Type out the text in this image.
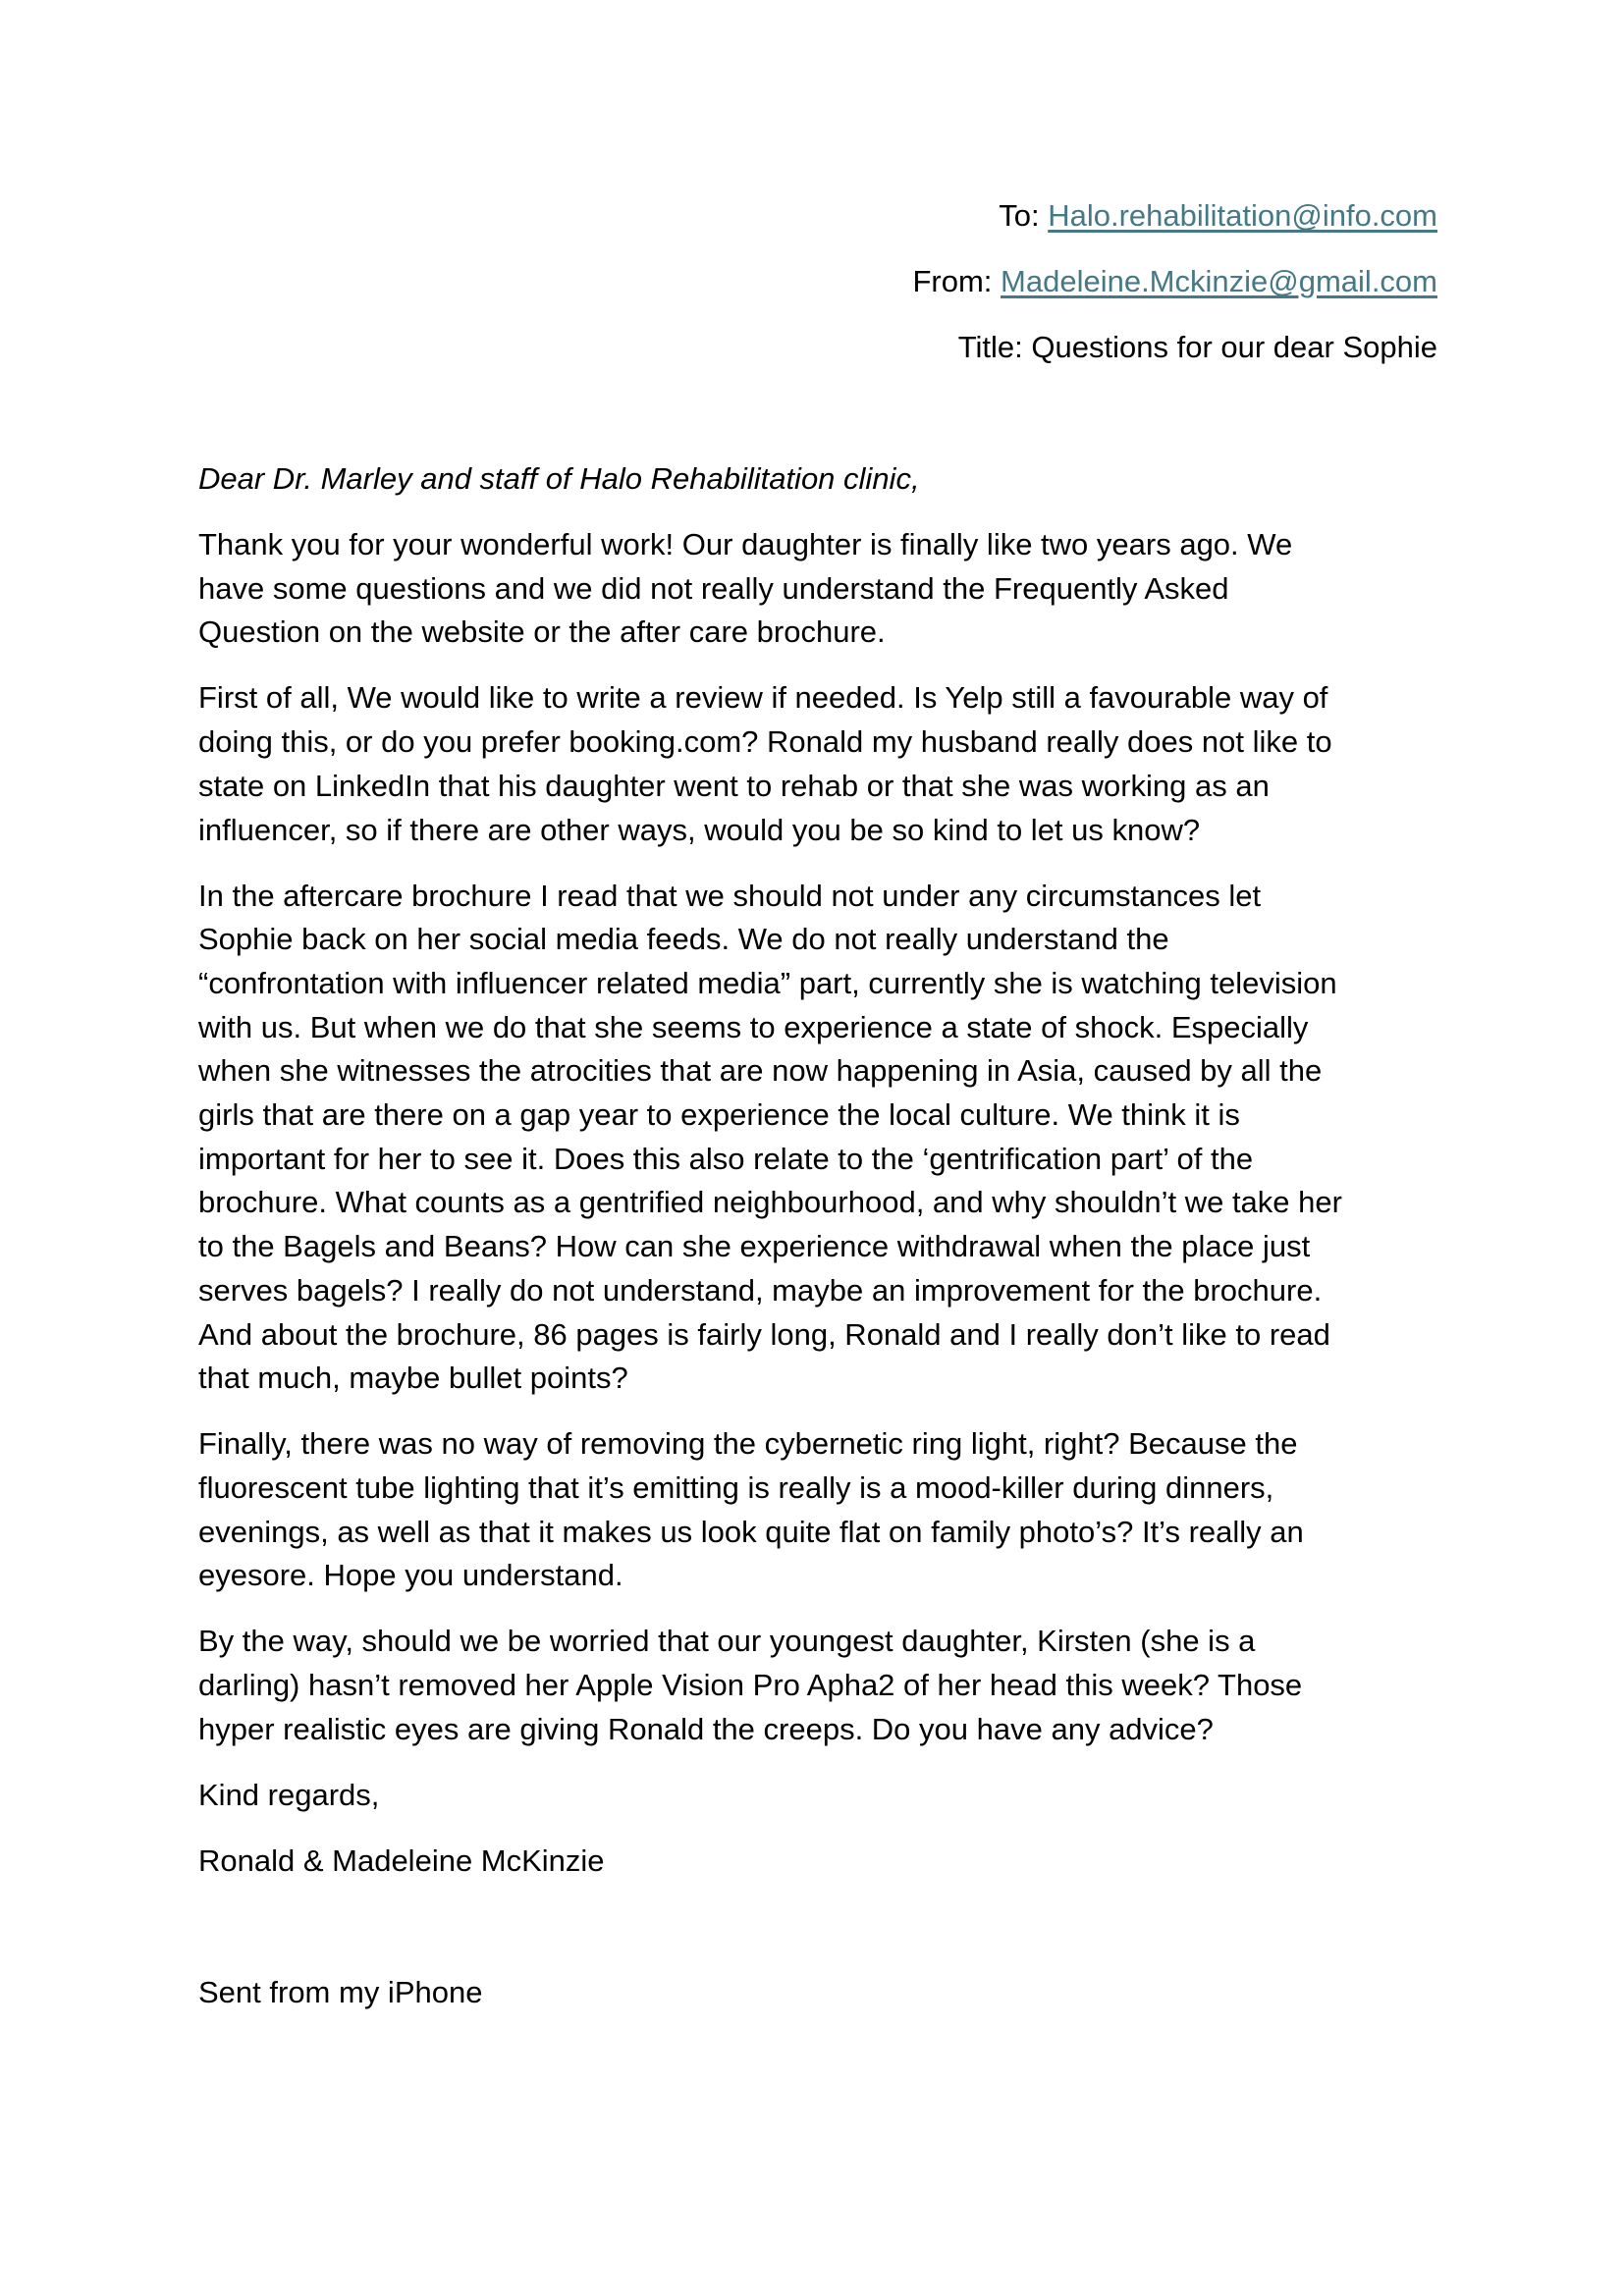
To: Halo.rehabilitation@info.com
From: Madeleine.Mckinzie@gmail.com
Title: Questions for our dear Sophie
Dear Dr. Marley and staff of Halo Rehabilitation clinic,
Thank you for your wonderful work! Our daughter is finally like two years ago. We
have some questions and we did not really understand the Frequently Asked
Question on the website or the after care brochure.
First of all, We would like to write a review if needed. Is Yelp still a favourable way of
doing this, or do you prefer booking.com? Ronald my husband really does not like to
state on LinkedIn that his daughter went to rehab or that she was working as an
influencer, so if there are other ways, would you be so kind to let us know?
In the aftercare brochure I read that we should not under any circumstances let
Sophie back on her social media feeds. We do not really understand the
“confrontation with influencer related media” part, currently she is watching television
with us. But when we do that she seems to experience a state of shock. Especially
when she witnesses the atrocities that are now happening in Asia, caused by all the
girls that are there on a gap year to experience the local culture. We think it is
important for her to see it. Does this also relate to the ‘gentrification part’ of the
brochure. What counts as a gentrified neighbourhood, and why shouldn’t we take her
to the Bagels and Beans? How can she experience withdrawal when the place just
serves bagels? I really do not understand, maybe an improvement for the brochure.
And about the brochure, 86 pages is fairly long, Ronald and I really don’t like to read
that much, maybe bullet points?
Finally, there was no way of removing the cybernetic ring light, right? Because the
fluorescent tube lighting that it’s emitting is really is a mood-killer during dinners,
evenings, as well as that it makes us look quite flat on family photo’s? It’s really an
eyesore. Hope you understand.
By the way, should we be worried that our youngest daughter, Kirsten (she is a
darling) hasn’t removed her Apple Vision Pro Apha2 of her head this week? Those
hyper realistic eyes are giving Ronald the creeps. Do you have any advice?
Kind regards,
Ronald & Madeleine McKinzie
Sent from my iPhone
